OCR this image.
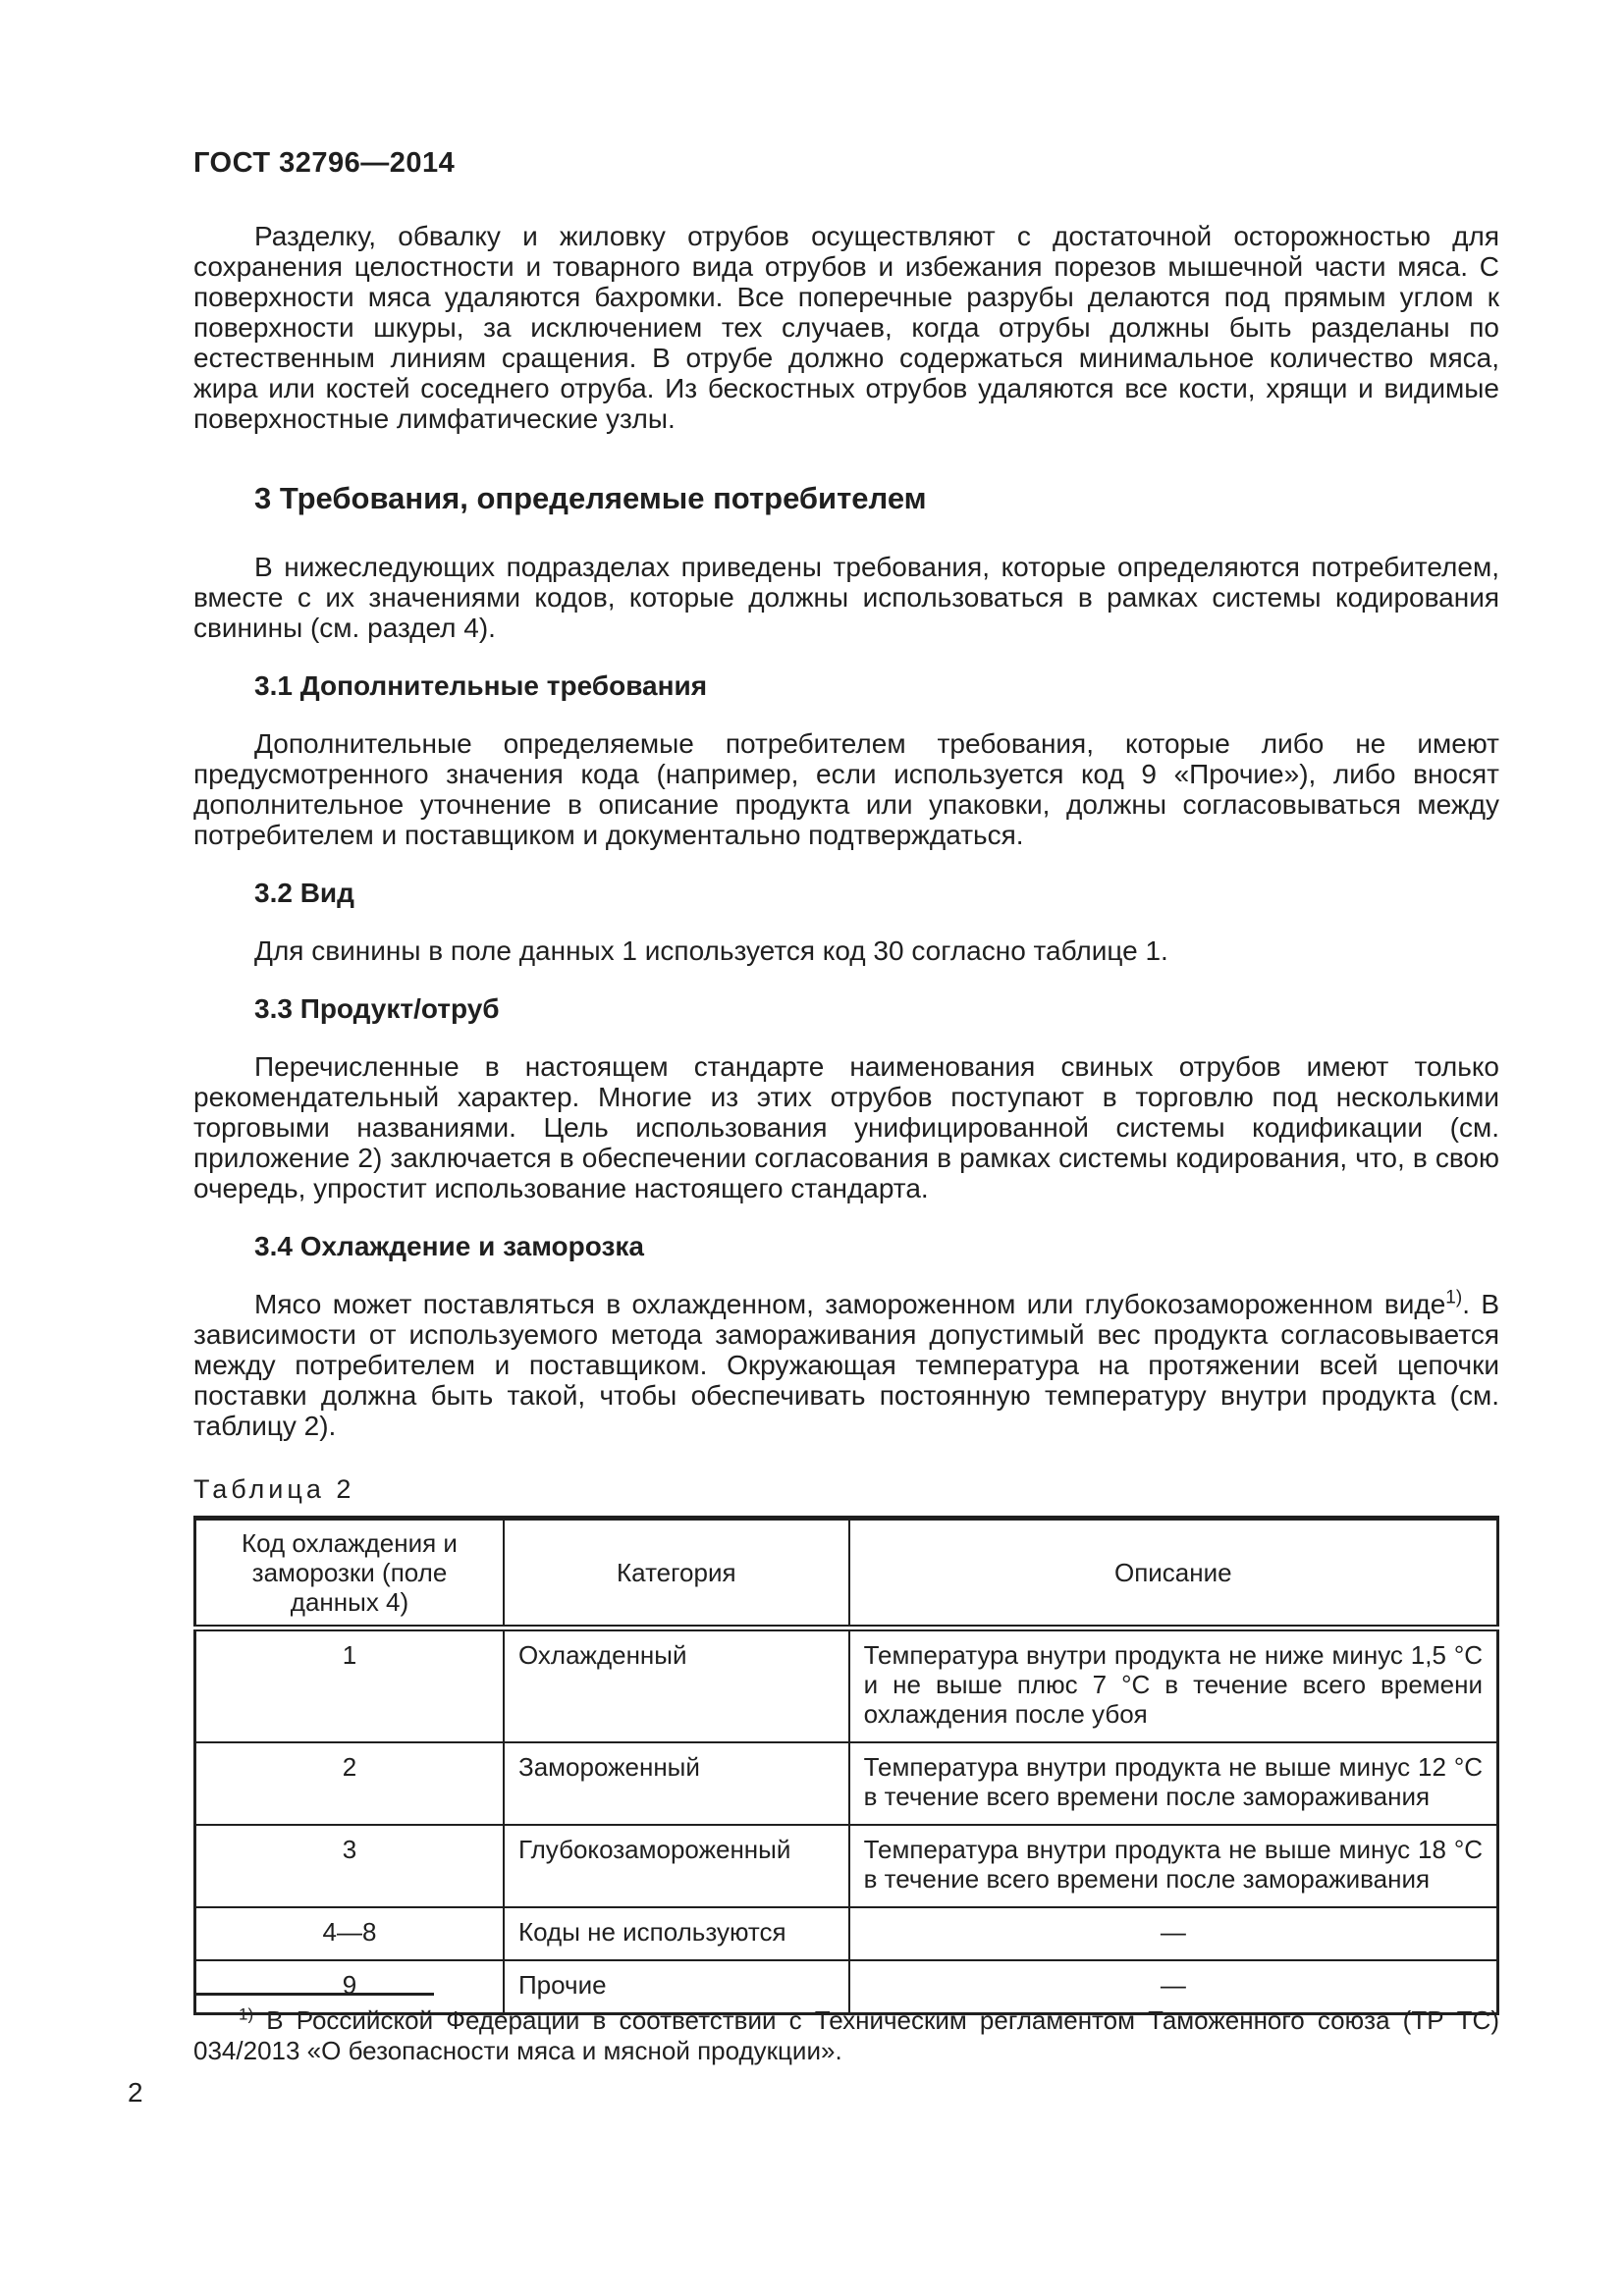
ГОСТ 32796—2014

Разделку, обвалку и жиловку отрубов осуществляют с достаточной осторожностью для сохранения целостности и товарного вида отрубов и избежания порезов мышечной части мяса. С поверхности мяса удаляются бахромки. Все поперечные разрубы делаются под прямым углом к поверхности шкуры, за исключением тех случаев, когда отрубы должны быть разделаны по естественным линиям сращения. В отрубе должно содержаться минимальное количество мяса, жира или костей соседнего отруба. Из бескостных отрубов удаляются все кости, хрящи и видимые поверхностные лимфатические узлы.

3 Требования, определяемые потребителем

В нижеследующих подразделах приведены требования, которые определяются потребителем, вместе с их значениями кодов, которые должны использоваться в рамках системы кодирования свинины (см. раздел 4).

3.1 Дополнительные требования

Дополнительные определяемые потребителем требования, которые либо не имеют предусмотренного значения кода (например, если используется код 9 «Прочие»), либо вносят дополнительное уточнение в описание продукта или упаковки, должны согласовываться между потребителем и поставщиком и документально подтверждаться.

3.2 Вид

Для свинины в поле данных 1 используется код 30 согласно таблице 1.

3.3 Продукт/отруб

Перечисленные в настоящем стандарте наименования свиных отрубов имеют только рекомендательный характер. Многие из этих отрубов поступают в торговлю под несколькими торговыми названиями. Цель использования унифицированной системы кодификации (см. приложение 2) заключается в обеспечении согласования в рамках системы кодирования, что, в свою очередь, упростит использование настоящего стандарта.

3.4 Охлаждение и заморозка

Мясо может поставляться в охлажденном, замороженном или глубокозамороженном виде$^{1)}$. В зависимости от используемого метода замораживания допустимый вес продукта согласовывается между потребителем и поставщиком. Окружающая температура на протяжении всей цепочки поставки должна быть такой, чтобы обеспечивать постоянную температуру внутри продукта (см. таблицу 2).

Таблица 2
Код охлаждения и заморозки (поле данных 4)	Категория	Описание
1	Охлажденный	Температура внутри продукта не ниже минус 1,5 °С и не выше плюс 7 °С в течение всего времени охлаждения после убоя
2	Замороженный	Температура внутри продукта не выше минус 12 °С в течение всего времени после замораживания
3	Глубокозамороженный	Температура внутри продукта не выше минус 18 °С в течение всего времени после замораживания
4—8	Коды не используются	—
9	Прочие	—

$^{1)}$ В Российской Федерации в соответствии с Техническим регламентом Таможенного союза (ТР ТС) 034/2013 «О безопасности мяса и мясной продукции».

2
